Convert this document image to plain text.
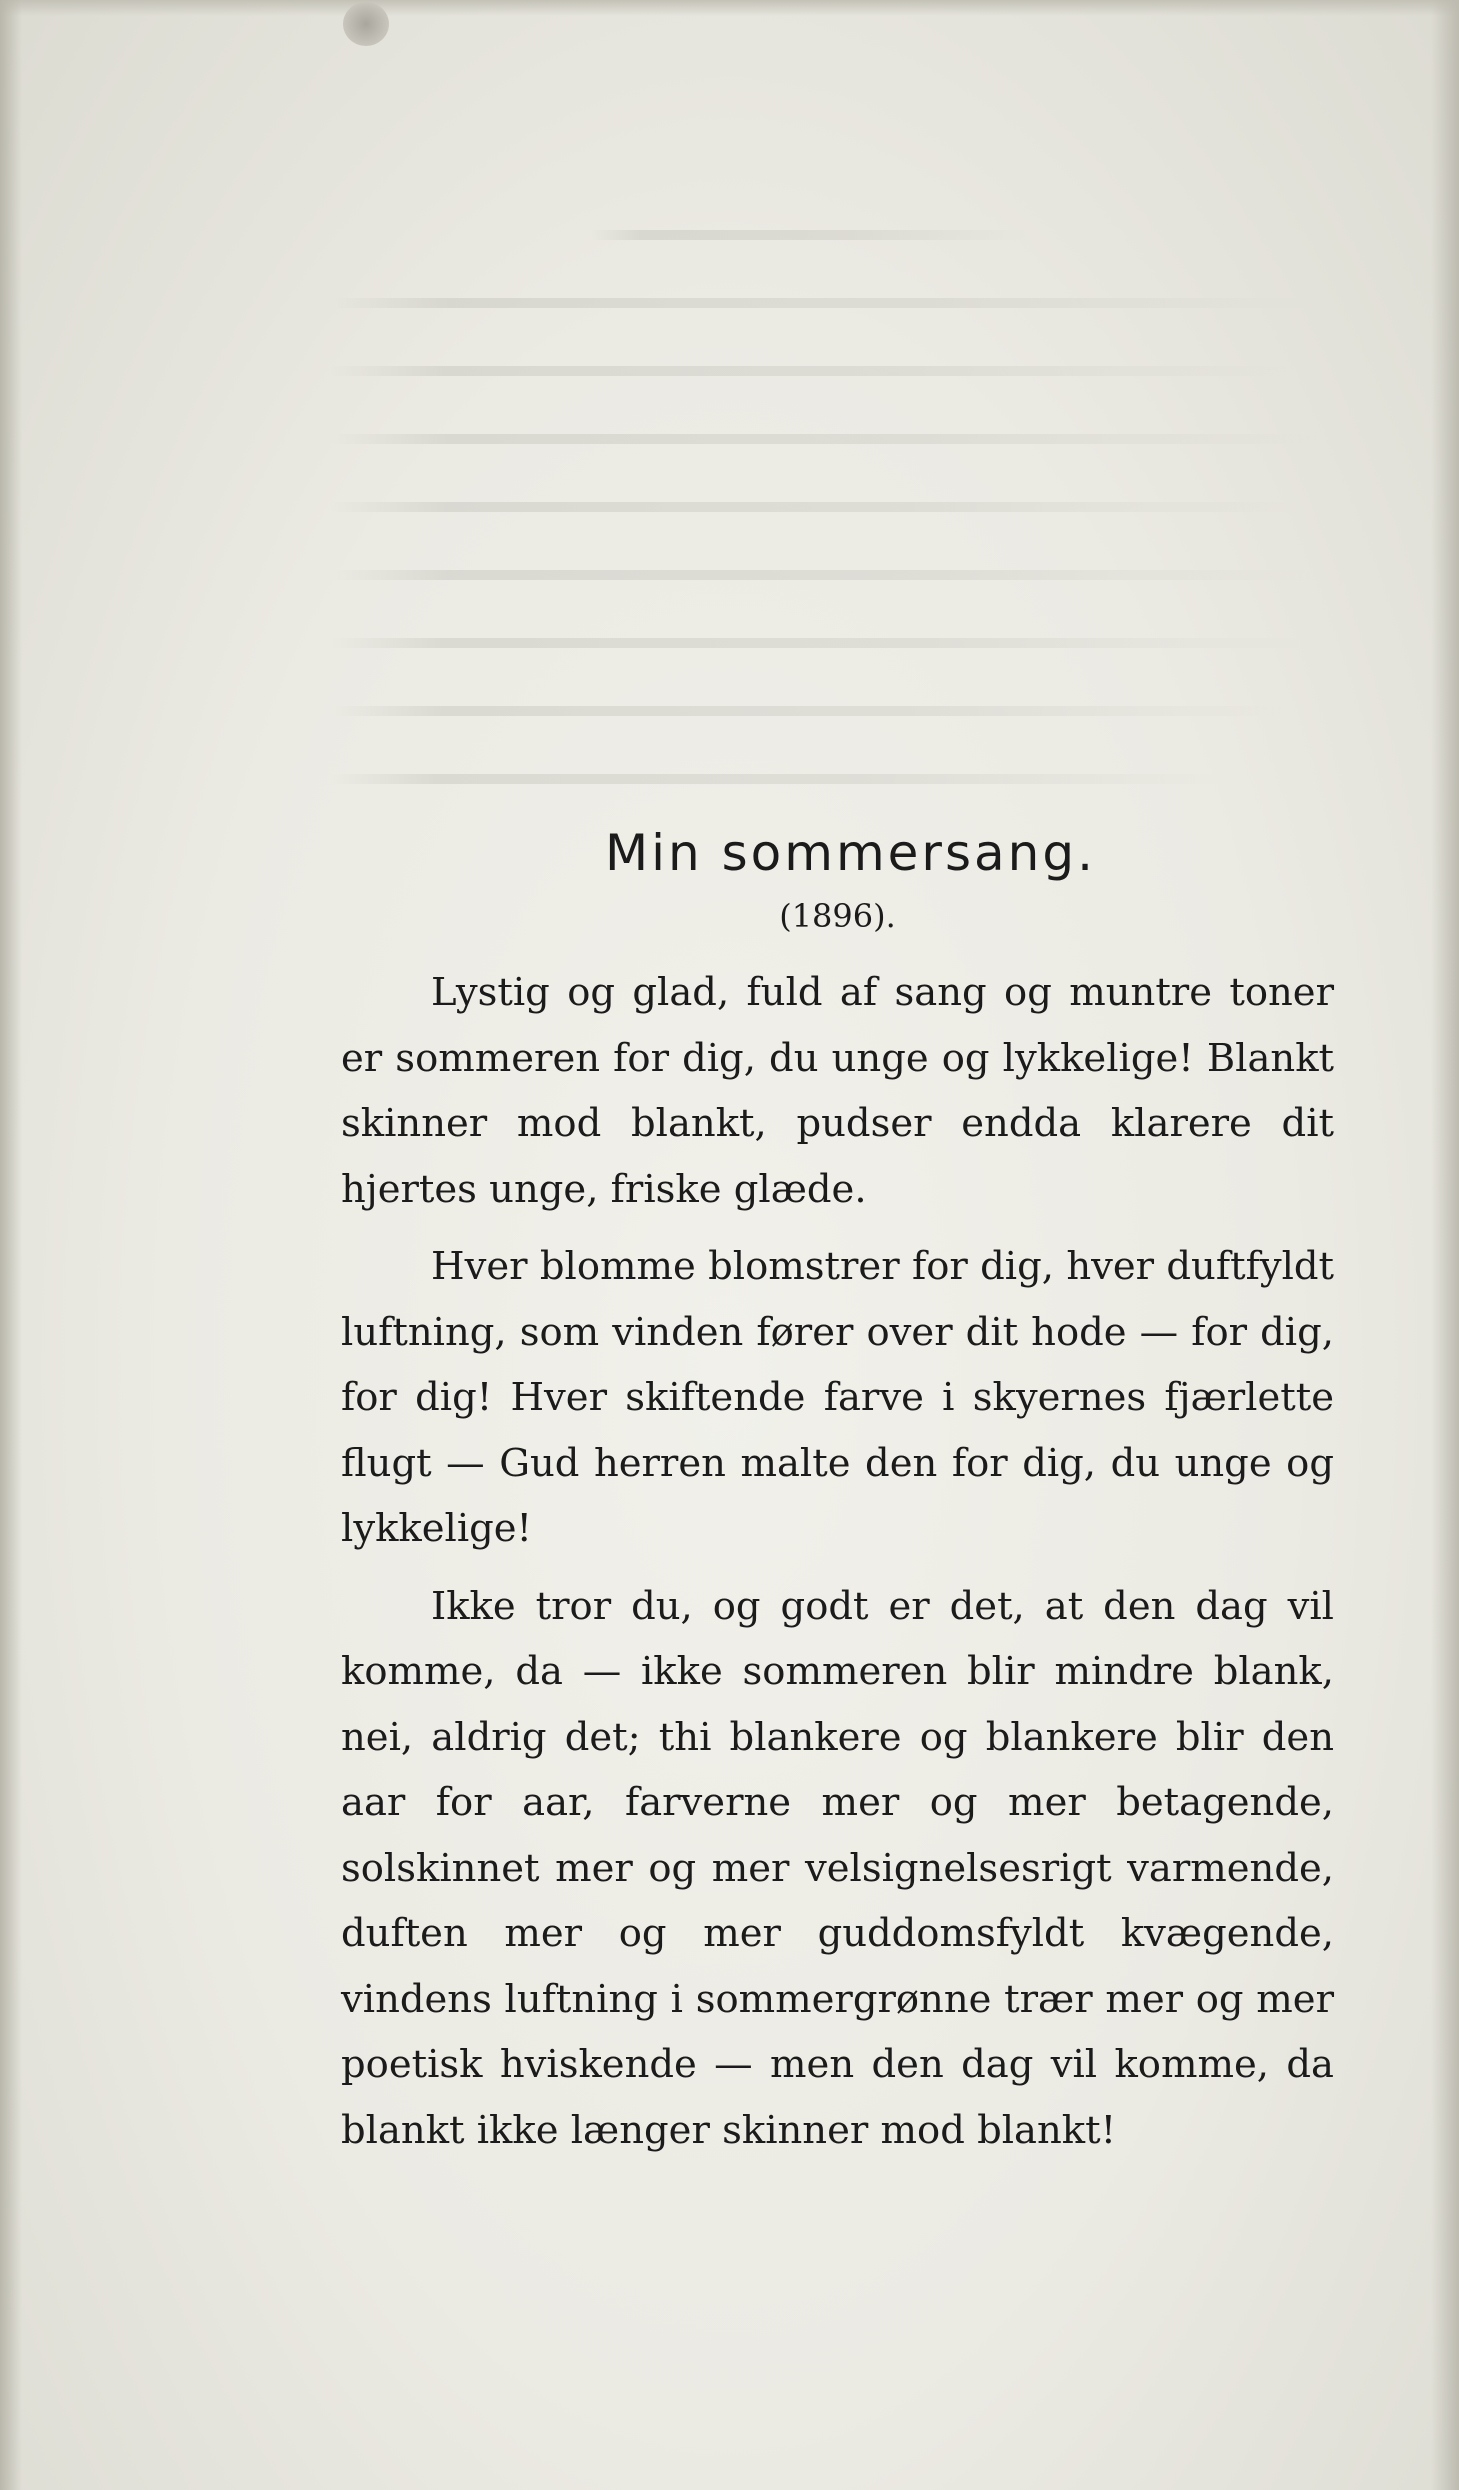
Min sommersang.
(1896).

Lystig og glad, fuld af sang og muntre toner er sommeren for dig, du unge og lykkelige! Blankt skinner mod blankt, pudser endda klarere dit hjertes unge, friske glæde.

Hver blomme blomstrer for dig, hver duftfyldt luftning, som vinden fører over dit hode — for dig, for dig! Hver skiftende farve i skyernes fjærlette flugt — Gud herren malte den for dig, du unge og lykkelige!

Ikke tror du, og godt er det, at den dag vil komme, da — ikke sommeren blir mindre blank, nei, aldrig det; thi blankere og blankere blir den aar for aar, farverne mer og mer betagende, solskinnet mer og mer velsignelsesrigt varmende, duften mer og mer guddomsfyldt kvægende, vindens luftning i sommergrønne trær mer og mer poetisk hviskende — men den dag vil komme, da blankt ikke længer skinner mod blankt!
